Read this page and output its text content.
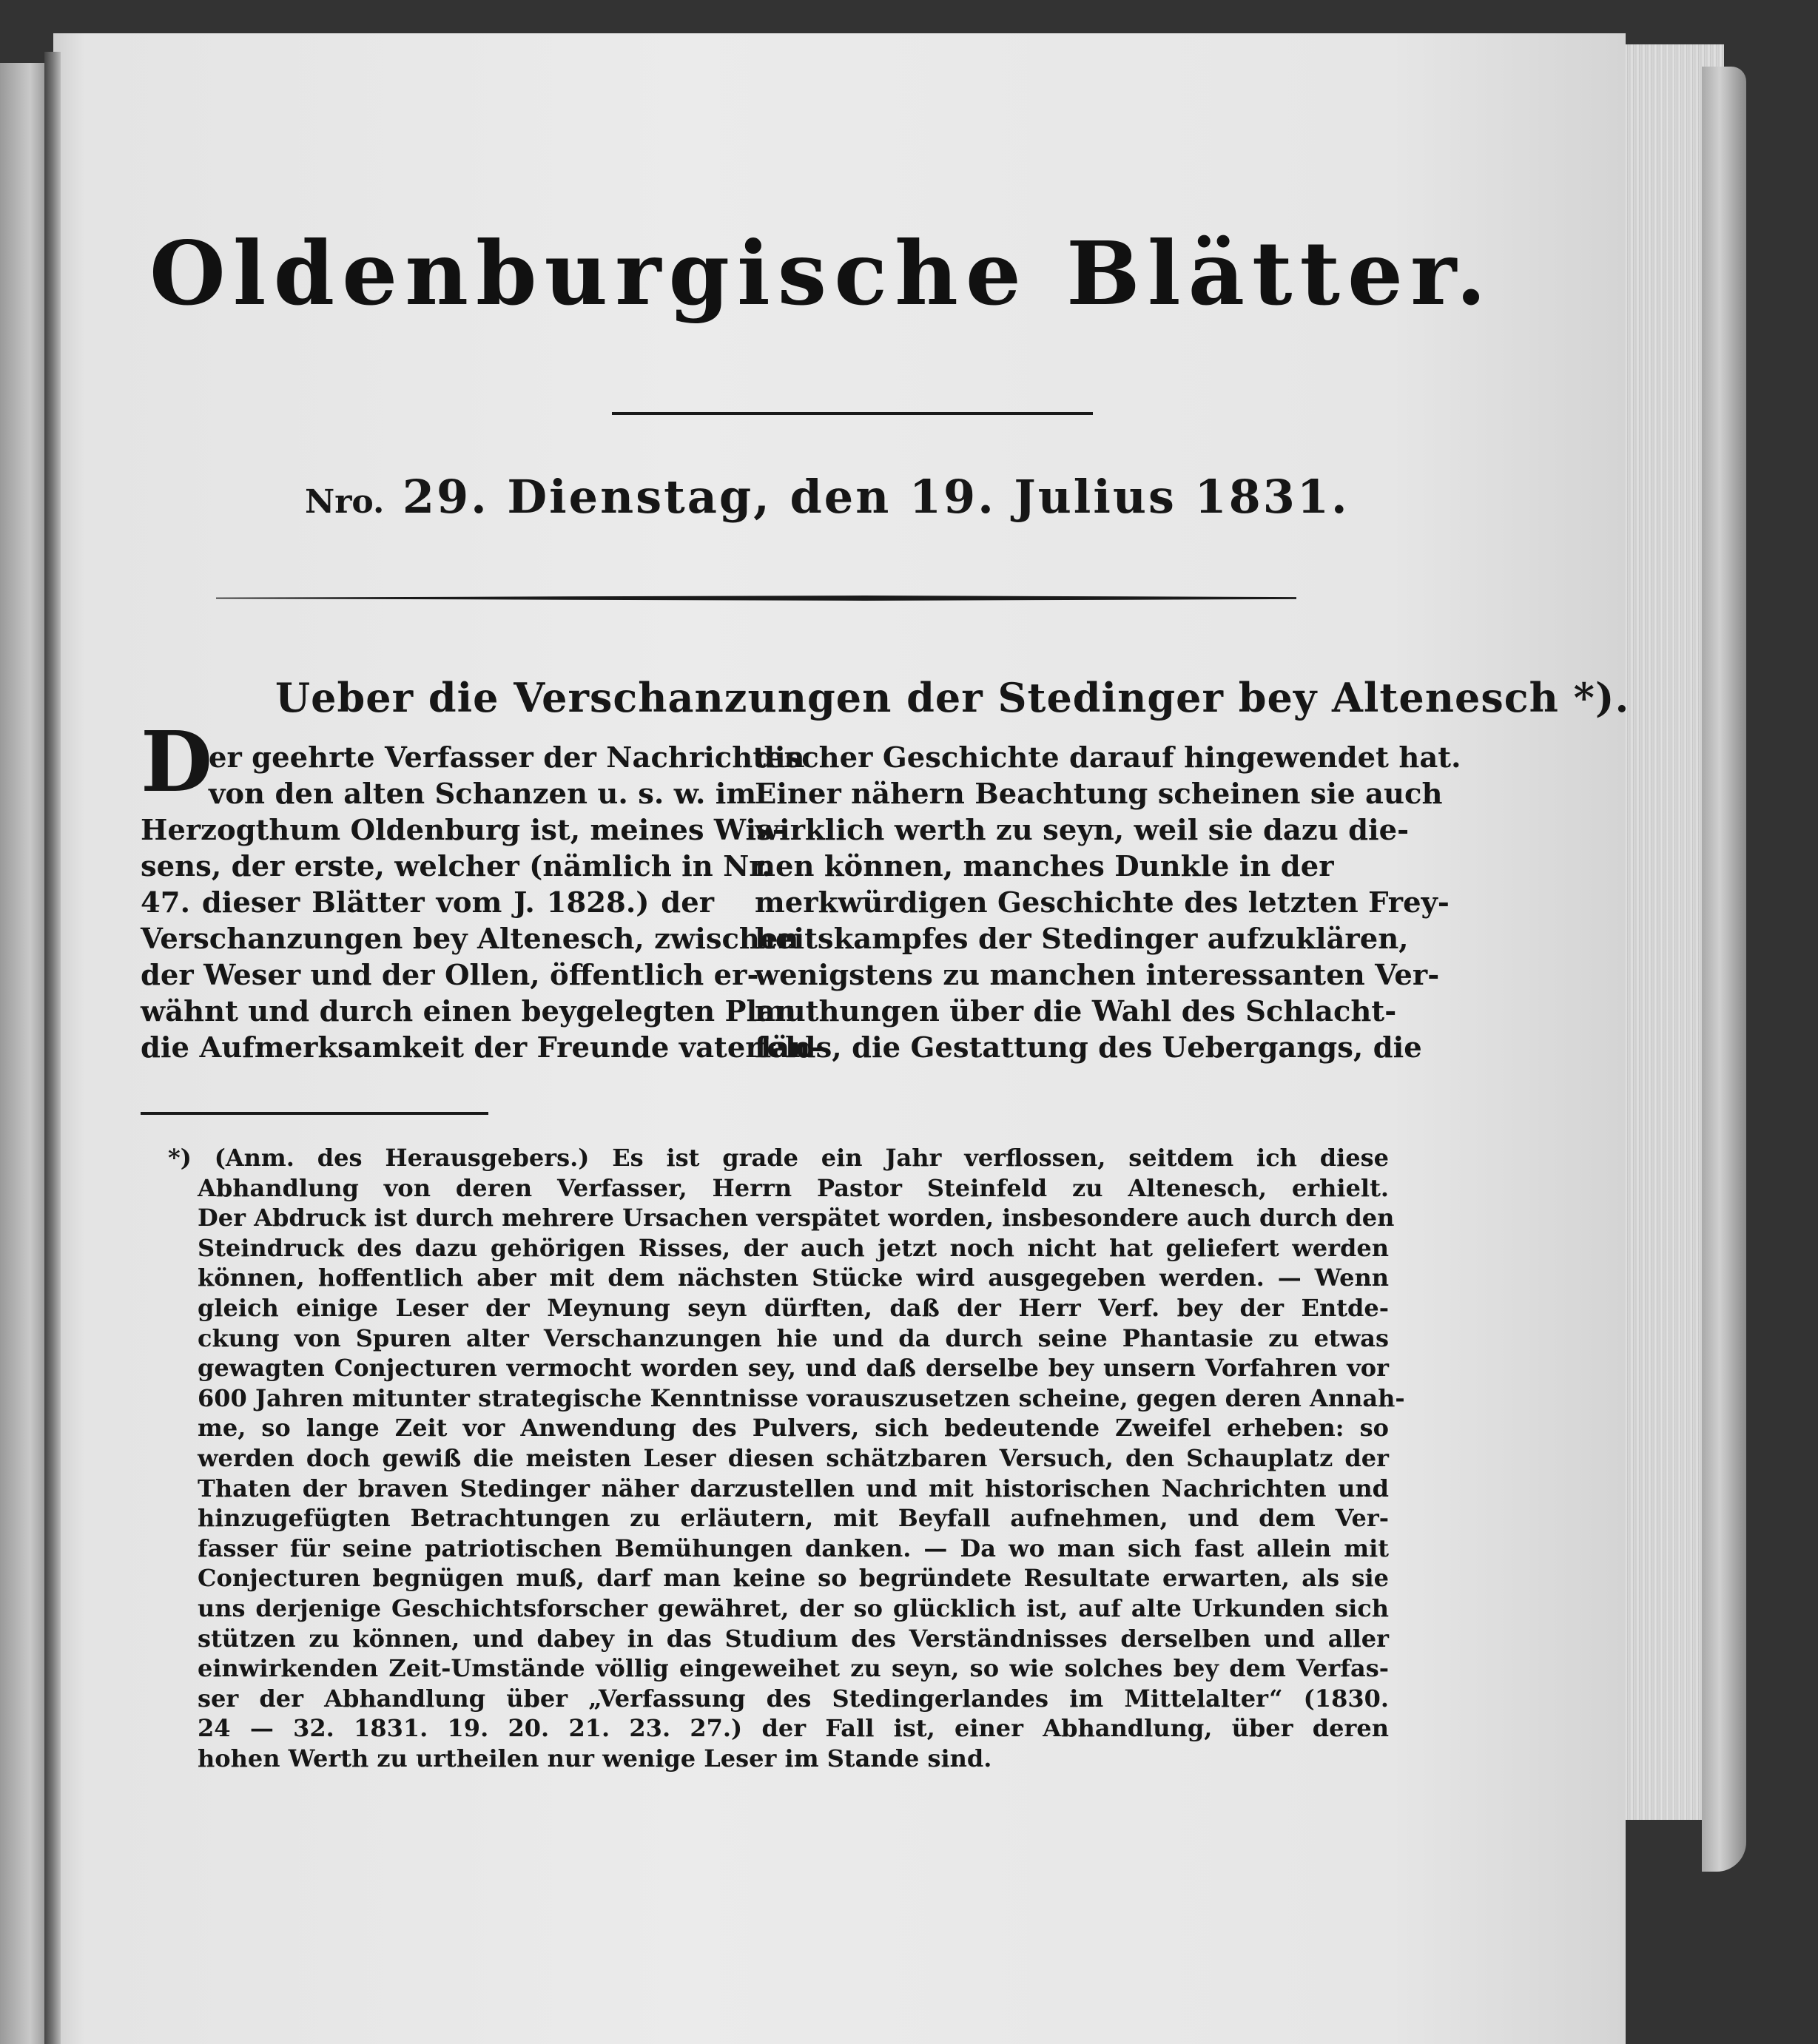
Oldenburgische Blätter.
Nro. 29. Dienstag, den 19. Julius 1831.
Ueber die Verschanzungen der Stedinger bey Altenesch *).
D
er geehrte Verfasser der Nachrichten
von den alten Schanzen u. s. w. im
Herzogthum Oldenburg ist, meines Wis-
sens, der erste, welcher (nämlich in Nr.
47. dieser Blätter vom J. 1828.) der
Verschanzungen bey Altenesch, zwischen
der Weser und der Ollen, öffentlich er-
wähnt und durch einen beygelegten Plan
die Aufmerksamkeit der Freunde vaterlän-
discher Geschichte darauf hingewendet hat.
Einer nähern Beachtung scheinen sie auch
wirklich werth zu seyn, weil sie dazu die-
nen können, manches Dunkle in der
merkwürdigen Geschichte des letzten Frey-
heitskampfes der Stedinger aufzuklären,
wenigstens zu manchen interessanten Ver-
muthungen über die Wahl des Schlacht-
felds, die Gestattung des Uebergangs, die
*) (Anm. des Herausgebers.) Es ist grade ein Jahr verflossen, seitdem ich diese
Abhandlung von deren Verfasser, Herrn Pastor Steinfeld zu Altenesch, erhielt.
Der Abdruck ist durch mehrere Ursachen verspätet worden, insbesondere auch durch den
Steindruck des dazu gehörigen Risses, der auch jetzt noch nicht hat geliefert werden
können, hoffentlich aber mit dem nächsten Stücke wird ausgegeben werden. — Wenn
gleich einige Leser der Meynung seyn dürften, daß der Herr Verf. bey der Entde-
ckung von Spuren alter Verschanzungen hie und da durch seine Phantasie zu etwas
gewagten Conjecturen vermocht worden sey, und daß derselbe bey unsern Vorfahren vor
600 Jahren mitunter strategische Kenntnisse vorauszusetzen scheine, gegen deren Annah-
me, so lange Zeit vor Anwendung des Pulvers, sich bedeutende Zweifel erheben: so
werden doch gewiß die meisten Leser diesen schätzbaren Versuch, den Schauplatz der
Thaten der braven Stedinger näher darzustellen und mit historischen Nachrichten und
hinzugefügten Betrachtungen zu erläutern, mit Beyfall aufnehmen, und dem Ver-
fasser für seine patriotischen Bemühungen danken. — Da wo man sich fast allein mit
Conjecturen begnügen muß, darf man keine so begründete Resultate erwarten, als sie
uns derjenige Geschichtsforscher gewähret, der so glücklich ist, auf alte Urkunden sich
stützen zu können, und dabey in das Studium des Verständnisses derselben und aller
einwirkenden Zeit-Umstände völlig eingeweihet zu seyn, so wie solches bey dem Verfas-
ser der Abhandlung über „Verfassung des Stedingerlandes im Mittelalter“ (1830.
24 — 32. 1831. 19. 20. 21. 23. 27.) der Fall ist, einer Abhandlung, über deren
hohen Werth zu urtheilen nur wenige Leser im Stande sind.
